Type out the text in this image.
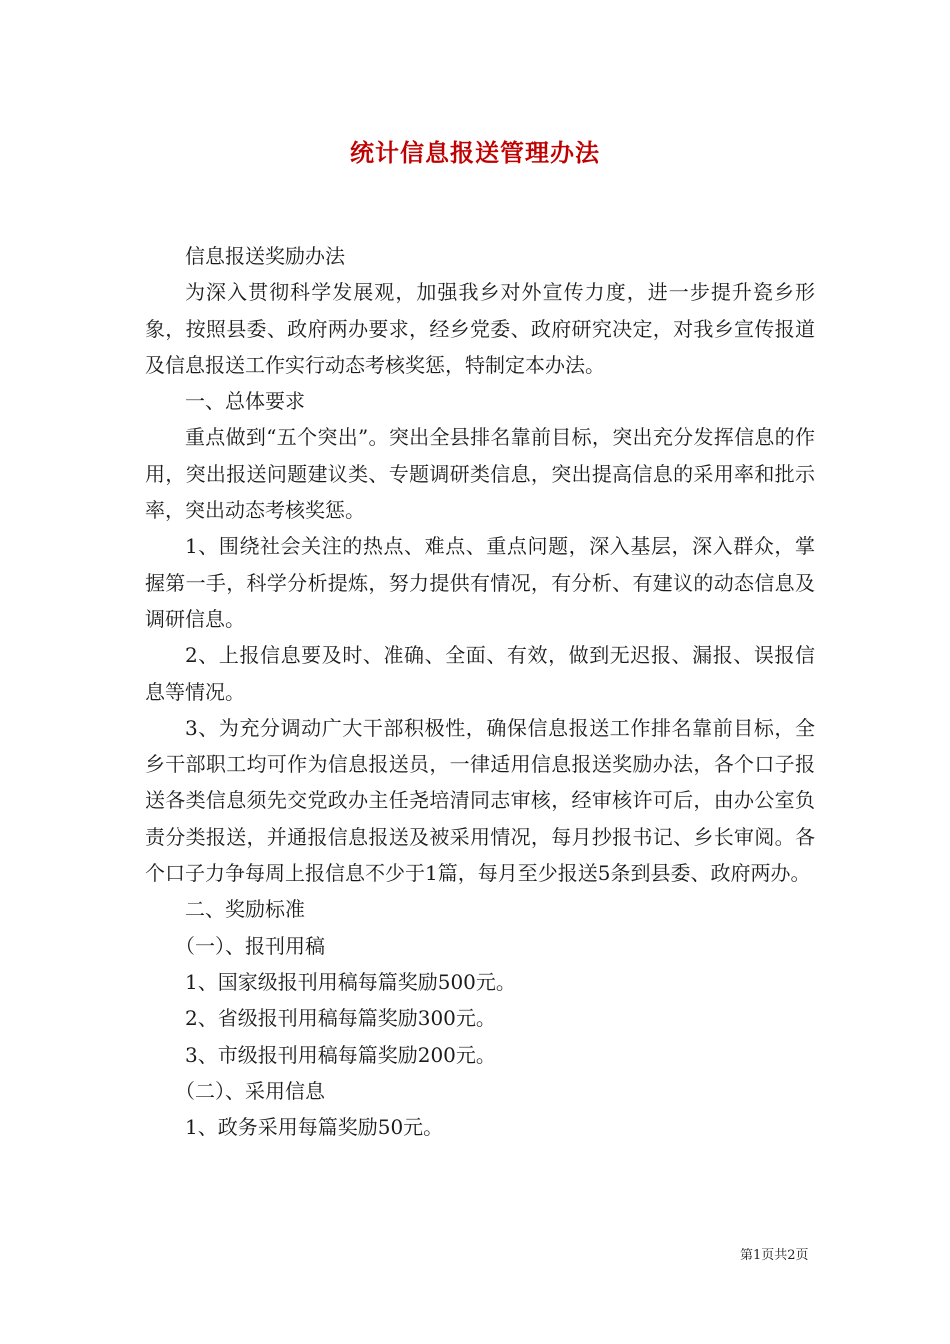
统计信息报送管理办法

信息报送奖励办法

为深入贯彻科学发展观，加强我乡对外宣传力度，进一步提升瓷乡形象，按照县委、政府两办要求，经乡党委、政府研究决定，对我乡宣传报道及信息报送工作实行动态考核奖惩，特制定本办法。

一、总体要求

重点做到“五个突出”。突出全县排名靠前目标，突出充分发挥信息的作用，突出报送问题建议类、专题调研类信息，突出提高信息的采用率和批示率，突出动态考核奖惩。

1、围绕社会关注的热点、难点、重点问题，深入基层，深入群众，掌握第一手，科学分析提炼，努力提供有情况，有分析、有建议的动态信息及调研信息。

2、上报信息要及时、准确、全面、有效，做到无迟报、漏报、误报信息等情况。

3、为充分调动广大干部积极性，确保信息报送工作排名靠前目标，全乡干部职工均可作为信息报送员，一律适用信息报送奖励办法，各个口子报送各类信息须先交党政办主任尧培清同志审核，经审核许可后，由办公室负责分类报送，并通报信息报送及被采用情况，每月抄报书记、乡长审阅。各个口子力争每周上报信息不少于1篇，每月至少报送5条到县委、政府两办。

二、奖励标准

（一）、报刊用稿

1、国家级报刊用稿每篇奖励500元。

2、省级报刊用稿每篇奖励300元。

3、市级报刊用稿每篇奖励200元。

（二）、采用信息

1、政务采用每篇奖励50元。

第1页共2页
